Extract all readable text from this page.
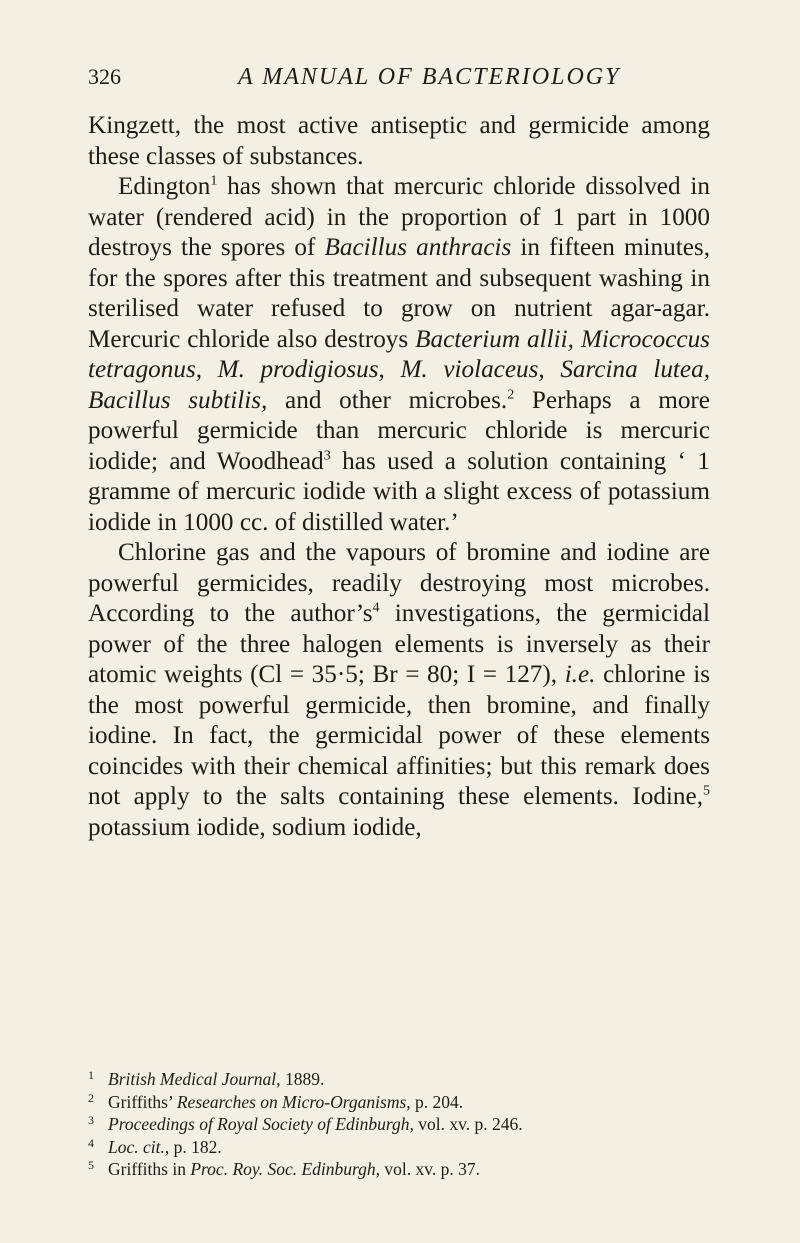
326	A MANUAL OF BACTERIOLOGY

Kingzett, the most active antiseptic and germicide among these classes of substances.

Edington$^1$ has shown that mercuric chloride dissolved in water (rendered acid) in the proportion of 1 part in 1000 destroys the spores of Bacillus anthracis in fifteen minutes, for the spores after this treatment and subsequent washing in sterilised water refused to grow on nutrient agar-agar. Mercuric chloride also destroys Bacterium allii, Micrococcus tetragonus, M. prodigiosus, M. violaceus, Sarcina lutea, Bacillus subtilis, and other microbes.$^2$ Perhaps a more powerful germicide than mercuric chloride is mercuric iodide; and Woodhead$^3$ has used a solution containing ‘ 1 gramme of mercuric iodide with a slight excess of potassium iodide in 1000 cc. of distilled water.’

Chlorine gas and the vapours of bromine and iodine are powerful germicides, readily destroying most microbes. According to the $author’s^4$ investigations, the germicidal power of the three halogen elements is inversely as their atomic weights (Cl = 35·5; Br = 80; I = 127), i.e. chlorine is the most powerful germicide, then bromine, and finally iodine. In fact, the germicidal power of these elements coincides with their chemical affinities; but this remark does not apply to the salts containing these elements. Iodine,$^5$ potassium iodide, sodium iodide,

1 British Medical Journal, 1889.
2 Griffiths’ Researches on Micro-Organisms, p. 204.
3 Proceedings of Royal Society of Edinburgh, vol. xv. p. 246.
4 Loc. cit., p. 182.
5 Griffiths in Proc. Roy. Soc. Edinburgh, vol. xv. p. 37.
